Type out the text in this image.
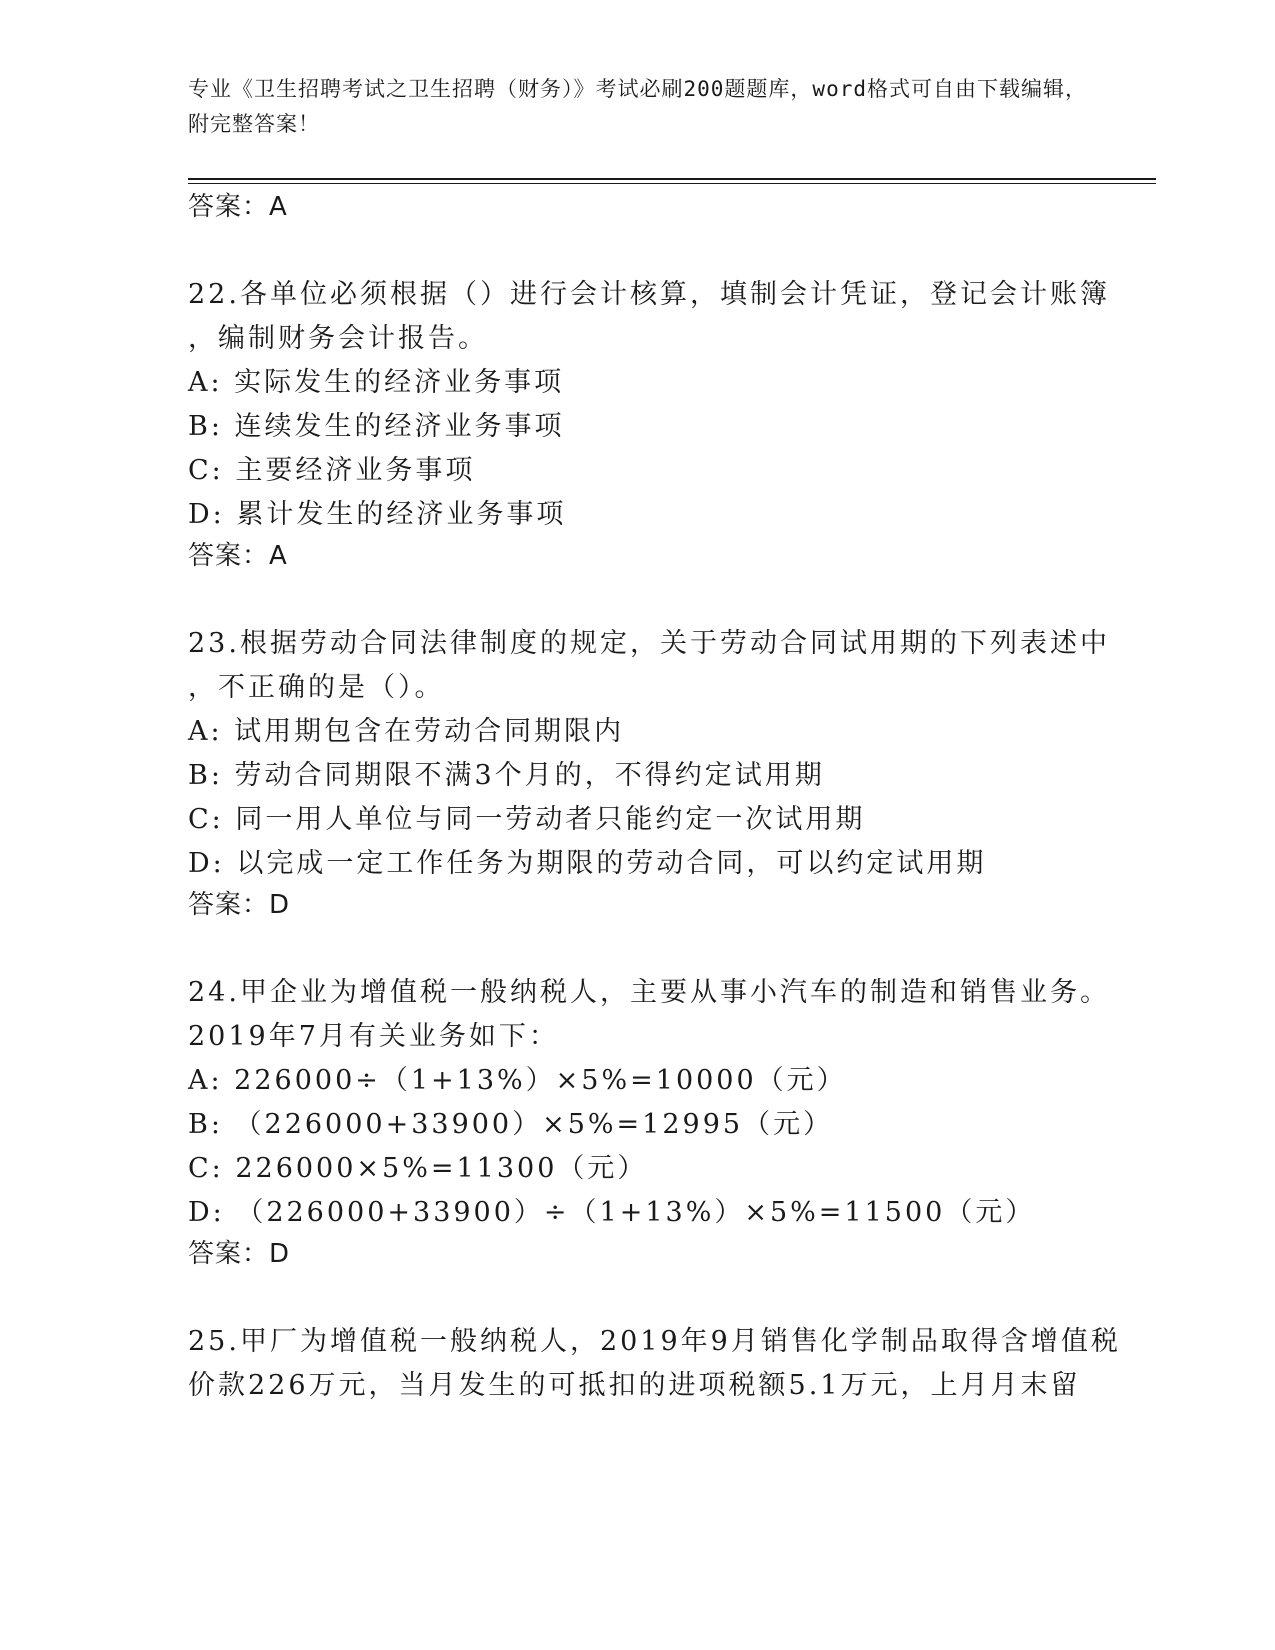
专业《卫生招聘考试之卫生招聘（财务）》考试必刷200题题库，word格式可自由下载编辑，附完整答案！
答案：A
22.各单位必须根据（）进行会计核算，填制会计凭证，登记会计账簿
，编制财务会计报告。
A: 实际发生的经济业务事项
B: 连续发生的经济业务事项
C: 主要经济业务事项
D: 累计发生的经济业务事项
答案：A
23.根据劳动合同法律制度的规定，关于劳动合同试用期的下列表述中
，不正确的是（）。
A: 试用期包含在劳动合同期限内
B: 劳动合同期限不满3个月的，不得约定试用期
C: 同一用人单位与同一劳动者只能约定一次试用期
D: 以完成一定工作任务为期限的劳动合同，可以约定试用期
答案：D
24.甲企业为增值税一般纳税人，主要从事小汽车的制造和销售业务。
2019年7月有关业务如下：
A: 226000÷（1+13%）×5%=10000（元）
B: （226000+33900）×5%=12995（元）
C: 226000×5%=11300（元）
D: （226000+33900）÷（1+13%）×5%=11500（元）
答案：D
25.甲厂为增值税一般纳税人，2019年9月销售化学制品取得含增值税
价款226万元，当月发生的可抵扣的进项税额5.1万元，上月月末留
